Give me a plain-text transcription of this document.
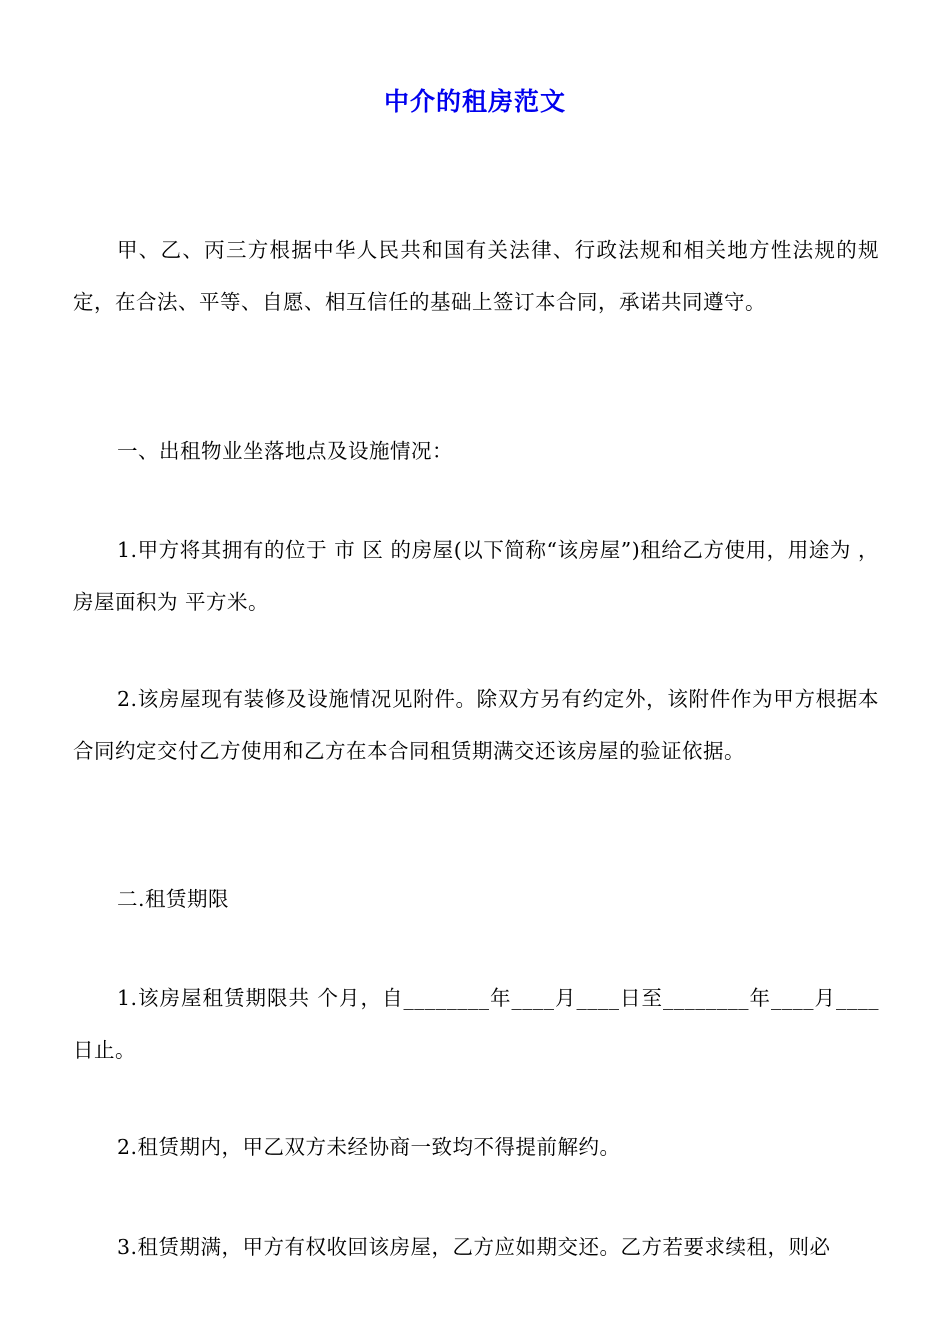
中介的租房范文
甲、乙、丙三方根据中华人民共和国有关法律、行政法规和相关地方性法规的规定，在合法、平等、自愿、相互信任的基础上签订本合同，承诺共同遵守。
一、出租物业坐落地点及设施情况：
1.甲方将其拥有的位于 市 区 的房屋(以下简称“该房屋”)租给乙方使用，用途为 ，房屋面积为 平方米。
2.该房屋现有装修及设施情况见附件。除双方另有约定外，该附件作为甲方根据本合同约定交付乙方使用和乙方在本合同租赁期满交还该房屋的验证依据。
二.租赁期限
1.该房屋租赁期限共 个月，自________年____月____日至________年____月____日止。
2.租赁期内，甲乙双方未经协商一致均不得提前解约。
3.租赁期满，甲方有权收回该房屋，乙方应如期交还。乙方若要求续租，则必
